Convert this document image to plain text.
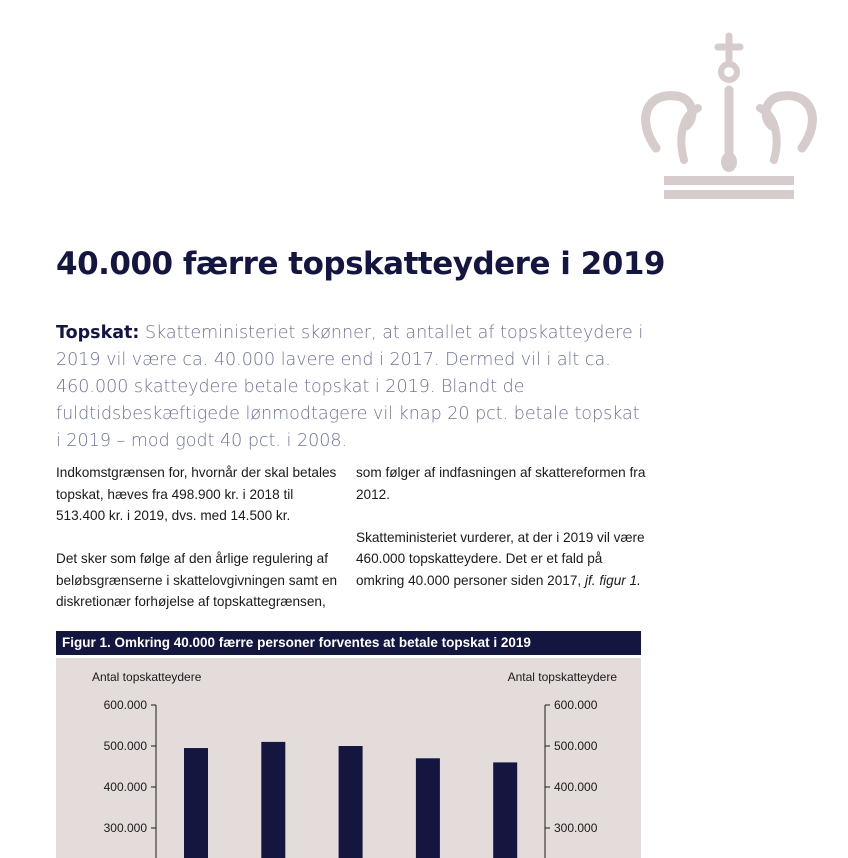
40.000 færre topskatteydere i 2019

Topskat: Skatteministeriet skønner, at antallet af topskatteydere i 2019 vil være ca. 40.000 lavere end i 2017. Dermed vil i alt ca. 460.000 skatteydere betale topskat i 2019. Blandt de fuldtidsbeskæftigede lønmodtagere vil knap 20 pct. betale topskat i 2019 – mod godt 40 pct. i 2008.

Indkomstgrænsen for, hvornår der skal betales topskat, hæves fra 498.900 kr. i 2018 til 513.400 kr. i 2019, dvs. med 14.500 kr.

Det sker som følge af den årlige regulering af beløbsgrænserne i skattelovgivningen samt en diskretionær forhøjelse af topskattegrænsen,

som følger af indfasningen af skattereformen fra 2012.

Skatteministeriet vurderer, at der i 2019 vil være 460.000 topskatteydere. Det er et fald på omkring 40.000 personer siden 2017, jf. figur 1.

Figur 1. Omkring 40.000 færre personer forventes at betale topskat i 2019
Antal topskatteydere	Antal topskatteydere
600.000	600.000
500.000	500.000
400.000	400.000
300.000	300.000
